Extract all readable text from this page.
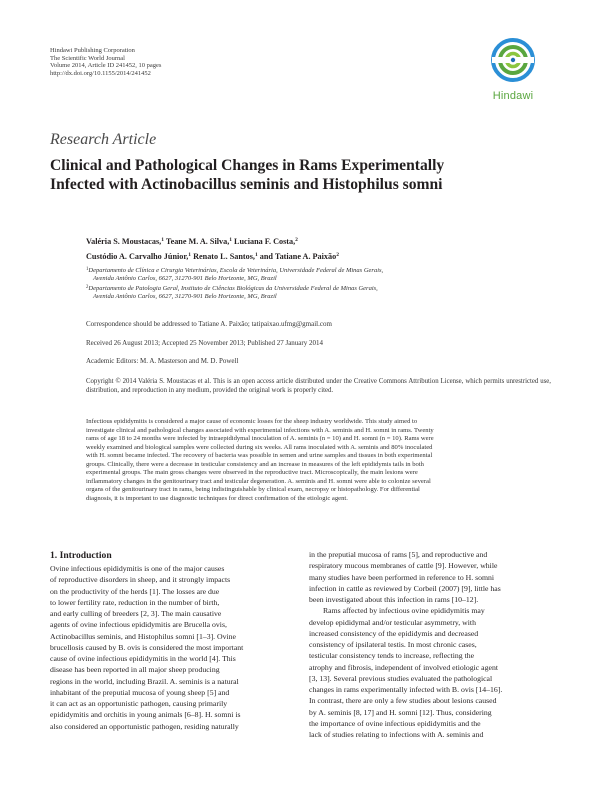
Hindawi Publishing Corporation
The Scientific World Journal
Volume 2014, Article ID 241452, 10 pages
http://dx.doi.org/10.1155/2014/241452
Hindawi
Research Article
Clinical and Pathological Changes in Rams Experimentally
Infected with Actinobacillus seminis and Histophilus somni
Valéria S. Moustacas,$^1$ Teane M. A. Silva,$^1$ Luciana F. Costa,$^2$
Custódio A. Carvalho Júnior,$^1$ Renato L. Santos,$^1$ and Tatiane A. Paixão$^2$
$^1$Departamento de Clínica e Cirurgia Veterinárias, Escola de Veterinária, Universidade Federal de Minas Gerais,
Avenida Antônio Carlos, 6627, 31270-901 Belo Horizonte, MG, Brazil
$^2$Departamento de Patologia Geral, Instituto de Ciências Biológicas da Universidade Federal de Minas Gerais,
Avenida Antônio Carlos, 6627, 31270-901 Belo Horizonte, MG, Brazil
Correspondence should be addressed to Tatiane A. Paixão; tatipaixao.ufmg@gmail.com
Received 26 August 2013; Accepted 25 November 2013; Published 27 January 2014
Academic Editors: M. A. Masterson and M. D. Powell
Copyright © 2014 Valéria S. Moustacas et al. This is an open access article distributed under the Creative Commons Attribution License, which permits unrestricted use, distribution, and reproduction in any medium, provided the original work is properly cited.
Infectious epididymitis is considered a major cause of economic losses for the sheep industry worldwide. This study aimed to
investigate clinical and pathological changes associated with experimental infections with A. seminis and H. somni in rams. Twenty
rams of age 18 to 24 months were infected by intraepididymal inoculation of A. seminis (n = 10) and H. somni (n = 10). Rams were
weekly examined and biological samples were collected during six weeks. All rams inoculated with A. seminis and 80% inoculated
with H. somni became infected. The recovery of bacteria was possible in semen and urine samples and tissues in both experimental
groups. Clinically, there were a decrease in testicular consistency and an increase in measures of the left epididymis tails in both
experimental groups. The main gross changes were observed in the reproductive tract. Microscopically, the main lesions were
inflammatory changes in the genitourinary tract and testicular degeneration. A. seminis and H. somni were able to colonize several
organs of the genitourinary tract in rams, being indistinguishable by clinical exam, necropsy or histopathology. For differential
diagnosis, it is important to use diagnostic techniques for direct confirmation of the etiologic agent.
1. Introduction
Ovine infectious epididymitis is one of the major causes
of reproductive disorders in sheep, and it strongly impacts
on the productivity of the herds [1]. The losses are due
to lower fertility rate, reduction in the number of birth,
and early culling of breeders [2, 3]. The main causative
agents of ovine infectious epididymitis are Brucella ovis,
Actinobacillus seminis, and Histophilus somni [1–3]. Ovine
brucellosis caused by B. ovis is considered the most important
cause of ovine infectious epididymitis in the world [4]. This
disease has been reported in all major sheep producing
regions in the world, including Brazil. A. seminis is a natural
inhabitant of the preputial mucosa of young sheep [5] and
it can act as an opportunistic pathogen, causing primarily
epididymitis and orchitis in young animals [6–8]. H. somni is
also considered an opportunistic pathogen, residing naturally
in the preputial mucosa of rams [5], and reproductive and
respiratory mucous membranes of cattle [9]. However, while
many studies have been performed in reference to H. somni
infection in cattle as reviewed by Corbeil (2007) [9], little has
been investigated about this infection in rams [10–12].
Rams affected by infectious ovine epididymitis may
develop epididymal and/or testicular asymmetry, with
increased consistency of the epididymis and decreased
consistency of ipsilateral testis. In most chronic cases,
testicular consistency tends to increase, reflecting the
atrophy and fibrosis, independent of involved etiologic agent
[3, 13]. Several previous studies evaluated the pathological
changes in rams experimentally infected with B. ovis [14–16].
In contrast, there are only a few studies about lesions caused
by A. seminis [8, 17] and H. somni [12]. Thus, considering
the importance of ovine infectious epididymitis and the
lack of studies relating to infections with A. seminis and
